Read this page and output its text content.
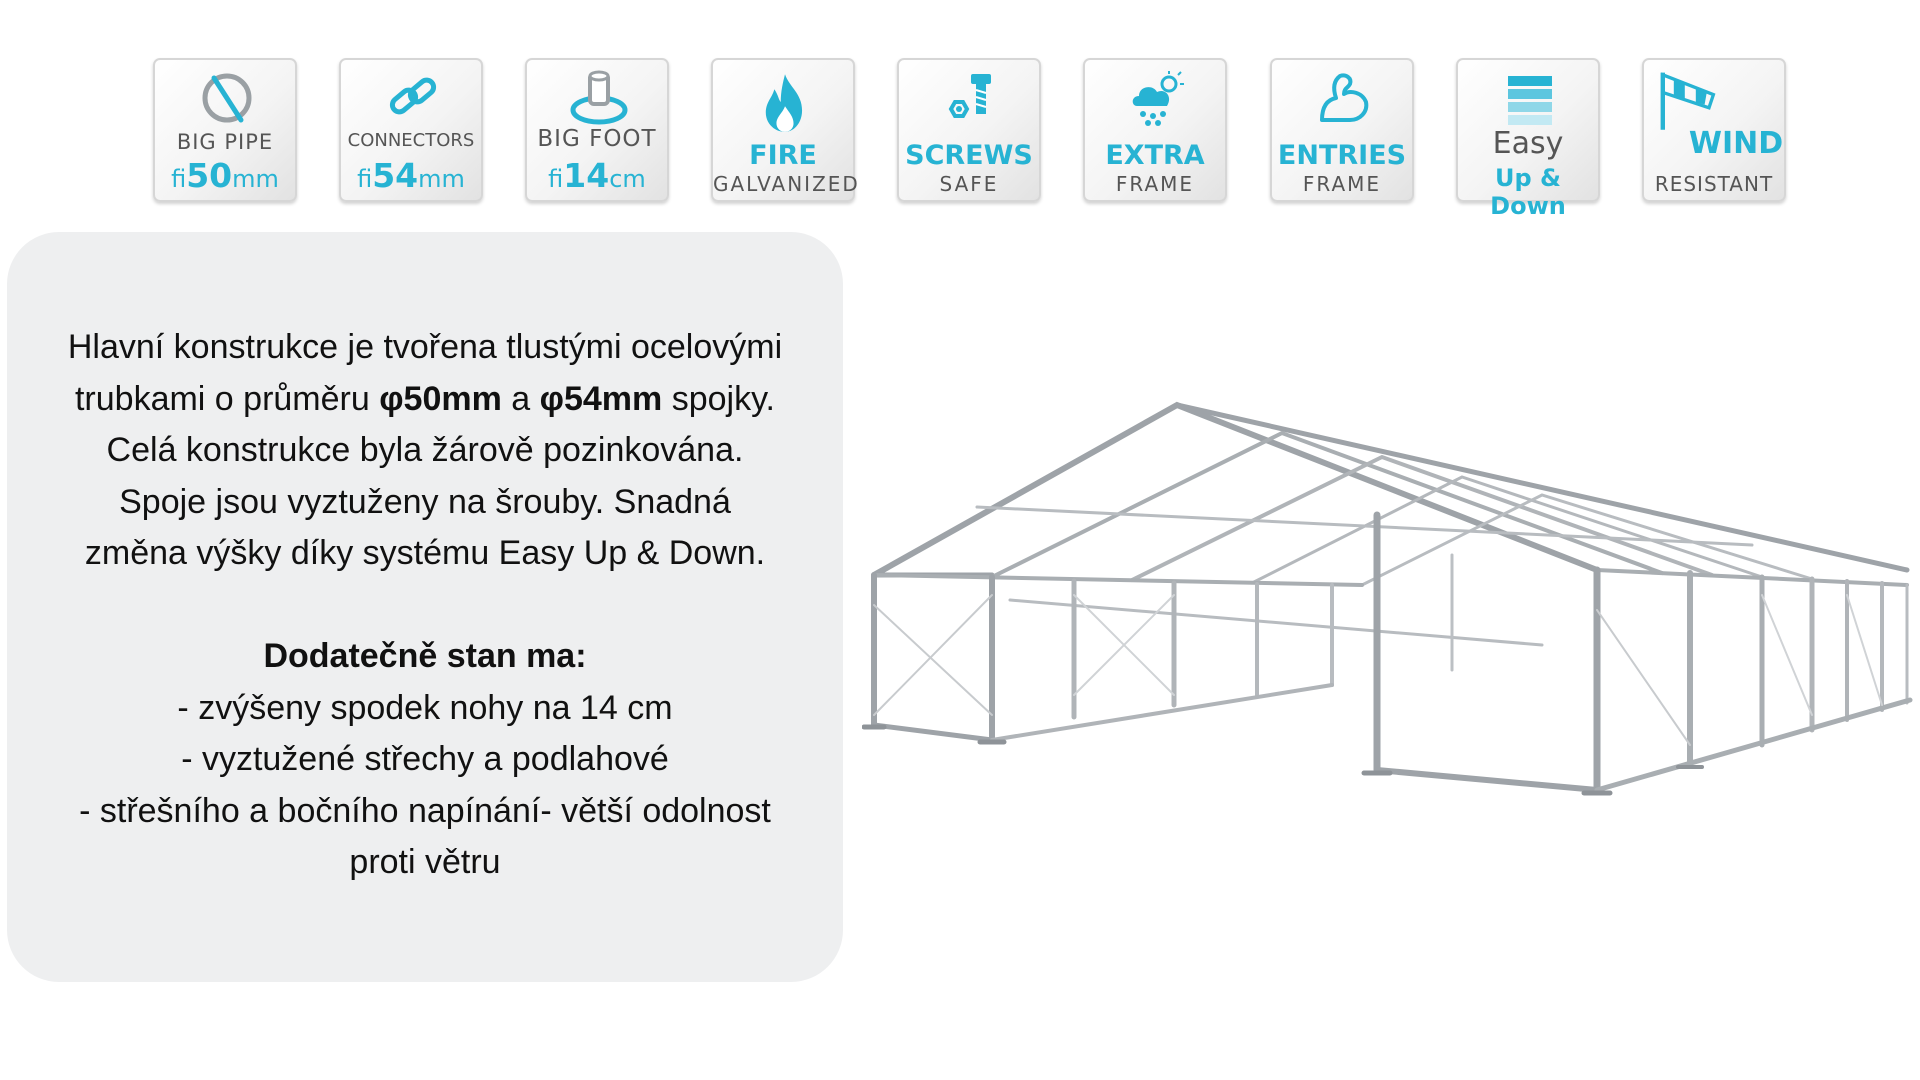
BIG PIPE
fi50mm
CONNECTORS
fi54mm
BIG FOOT
fi14cm
FIRE
GALVANIZED
SCREWS
SAFE
EXTRA
FRAME
ENTRIES
FRAME
Easy
Up & Down
WIND
RESISTANT
Hlavní konstrukce je tvořena tlustými ocelovými trubkami o průměru φ50mm a φ54mm spojky. Celá konstrukce byla žárově pozinkována. Spoje jsou vyztuženy na šrouby. Snadná změna výšky díky systému Easy Up & Down.
Dodatečně stan ma:
- zvýšeny spodek nohy na 14 cm
- vyztužené střechy a podlahové
- střešního a bočního napínání- větší odolnost proti větru
